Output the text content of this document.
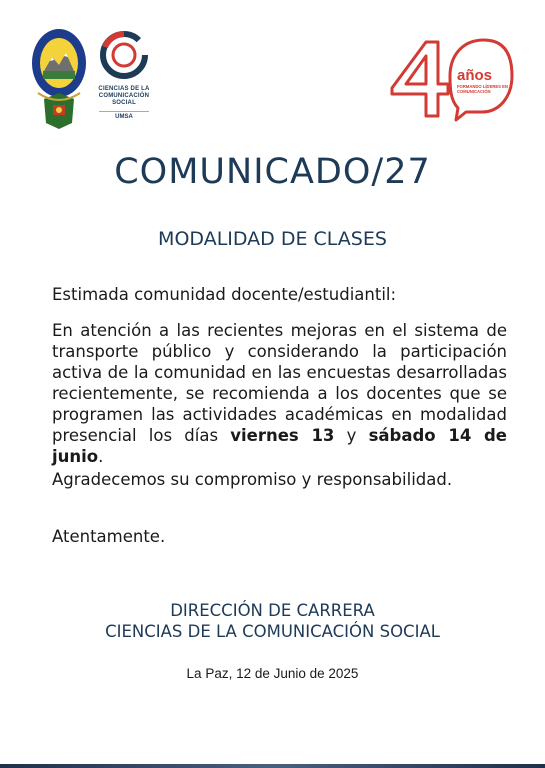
CIENCIAS DE LA
COMUNICACIÓN
SOCIAL
UMSA
años
FORMANDO LÍDERES EN COMUNICACIÓN
COMUNICADO/27
MODALIDAD DE CLASES
Estimada comunidad docente/estudiantil:
En atención a las recientes mejoras en el sistema de transporte público y considerando la participación activa de la comunidad en las encuestas desarrolladas recientemente, se recomienda a los docentes que se programen las actividades académicas en modalidad presencial los días viernes 13 y sábado 14 de junio.
Agradecemos su compromiso y responsabilidad.
Atentamente.
DIRECCIÓN DE CARRERA
CIENCIAS DE LA COMUNICACIÓN SOCIAL
La Paz, 12 de Junio de 2025
